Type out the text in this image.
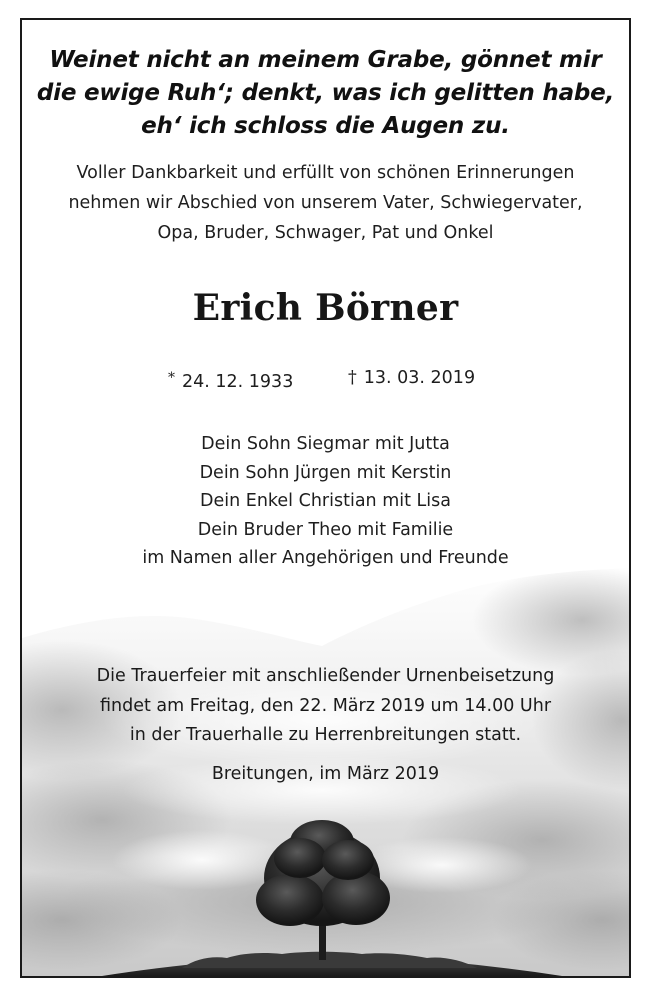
Weinet nicht an meinem Grabe, gönnet mir
die ewige Ruh‘; denkt, was ich gelitten habe,
eh‘ ich schloss die Augen zu.
Voller Dankbarkeit und erfüllt von schönen Erinnerungen
nehmen wir Abschied von unserem Vater, Schwiegervater,
Opa, Bruder, Schwager, Pat und Onkel
Erich Börner
* 24. 12. 1933	† 13. 03. 2019
Dein Sohn Siegmar mit Jutta
Dein Sohn Jürgen mit Kerstin
Dein Enkel Christian mit Lisa
Dein Bruder Theo mit Familie
im Namen aller Angehörigen und Freunde
Die Trauerfeier mit anschließender Urnenbeisetzung
findet am Freitag, den 22. März 2019 um 14.00 Uhr
in der Trauerhalle zu Herrenbreitungen statt.
Breitungen, im März 2019
